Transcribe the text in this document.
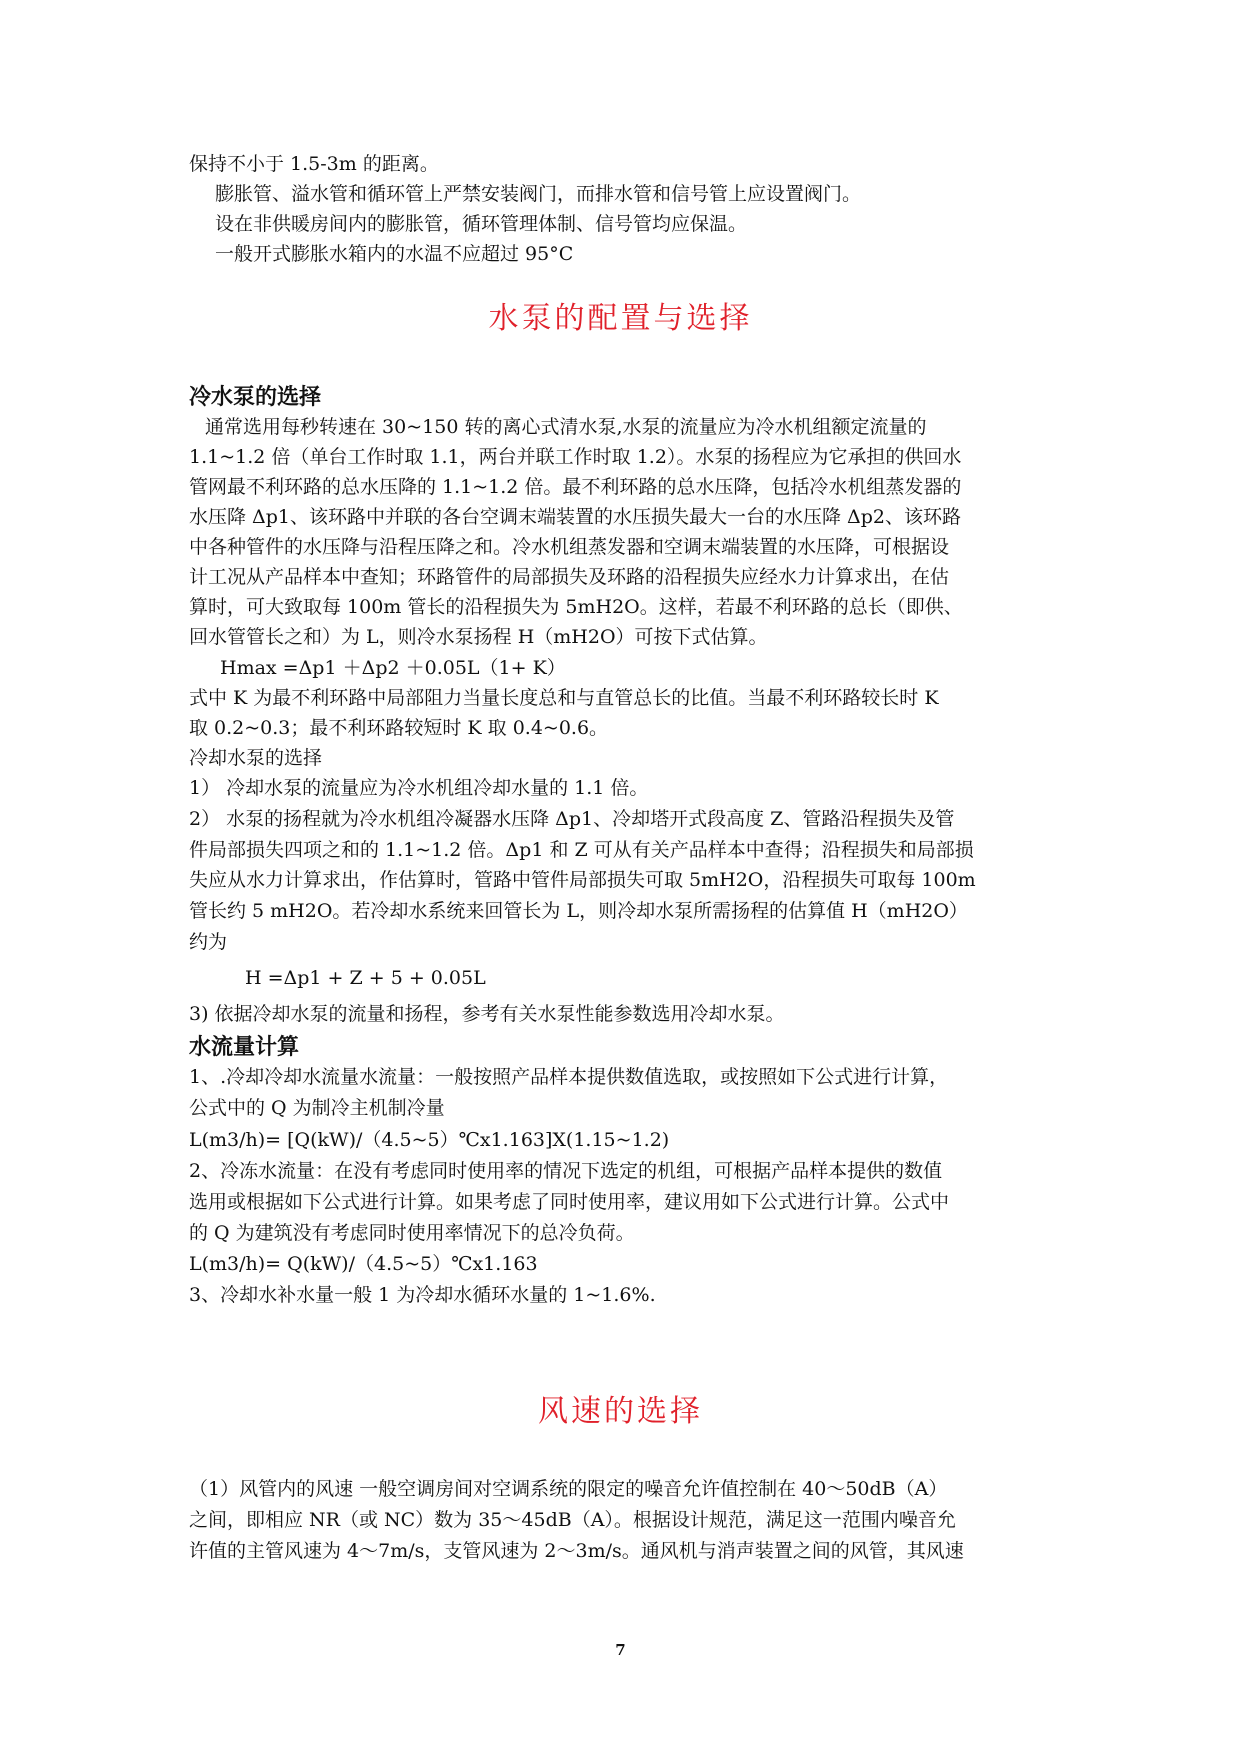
保持不小于 1.5-3m 的距离。
膨胀管、溢水管和循环管上严禁安装阀门，而排水管和信号管上应设置阀门。
设在非供暖房间内的膨胀管，循环管理体制、信号管均应保温。
一般开式膨胀水箱内的水温不应超过 95°C
水泵的配置与选择
冷水泵的选择
通常选用每秒转速在 30~150 转的离心式清水泵,水泵的流量应为冷水机组额定流量的
1.1~1.2 倍（单台工作时取 1.1，两台并联工作时取 1.2）。水泵的扬程应为它承担的供回水
管网最不利环路的总水压降的 1.1~1.2 倍。最不利环路的总水压降，包括冷水机组蒸发器的
水压降 Δp1、该环路中并联的各台空调末端装置的水压损失最大一台的水压降 Δp2、该环路
中各种管件的水压降与沿程压降之和。冷水机组蒸发器和空调末端装置的水压降，可根据设
计工况从产品样本中查知；环路管件的局部损失及环路的沿程损失应经水力计算求出，在估
算时，可大致取每 100m 管长的沿程损失为 5mH2O。这样，若最不利环路的总长（即供、
回水管管长之和）为 L，则冷水泵扬程 H（mH2O）可按下式估算。
Hmax =Δp1 ＋Δp2 ＋0.05L（1+ K）
式中 K 为最不利环路中局部阻力当量长度总和与直管总长的比值。当最不利环路较长时 K
取 0.2~0.3；最不利环路较短时 K 取 0.4~0.6。
冷却水泵的选择
1） 冷却水泵的流量应为冷水机组冷却水量的 1.1 倍。
2） 水泵的扬程就为冷水机组冷凝器水压降 Δp1、冷却塔开式段高度 Z、管路沿程损失及管
件局部损失四项之和的 1.1~1.2 倍。Δp1 和 Z 可从有关产品样本中查得；沿程损失和局部损
失应从水力计算求出，作估算时，管路中管件局部损失可取 5mH2O，沿程损失可取每 100m
管长约 5 mH2O。若冷却水系统来回管长为 L，则冷却水泵所需扬程的估算值 H（mH2O）
约为
H =Δp1 + Z + 5 + 0.05L
3) 依据冷却水泵的流量和扬程，参考有关水泵性能参数选用冷却水泵。
水流量计算
1、.冷却冷却水流量水流量：一般按照产品样本提供数值选取，或按照如下公式进行计算，
公式中的 Q 为制冷主机制冷量
L(m3/h)= [Q(kW)/（4.5~5）℃x1.163]X(1.15~1.2)
2、冷冻水流量：在没有考虑同时使用率的情况下选定的机组，可根据产品样本提供的数值
选用或根据如下公式进行计算。如果考虑了同时使用率，建议用如下公式进行计算。公式中
的 Q 为建筑没有考虑同时使用率情况下的总冷负荷。
L(m3/h)= Q(kW)/（4.5~5）℃x1.163
3、冷却水补水量一般 1 为冷却水循环水量的 1~1.6%.
风速的选择
（1）风管内的风速 一般空调房间对空调系统的限定的噪音允许值控制在 40～50dB（A）
之间，即相应 NR（或 NC）数为 35～45dB（A）。根据设计规范，满足这一范围内噪音允
许值的主管风速为 4～7m/s，支管风速为 2～3m/s。通风机与消声装置之间的风管，其风速
7
